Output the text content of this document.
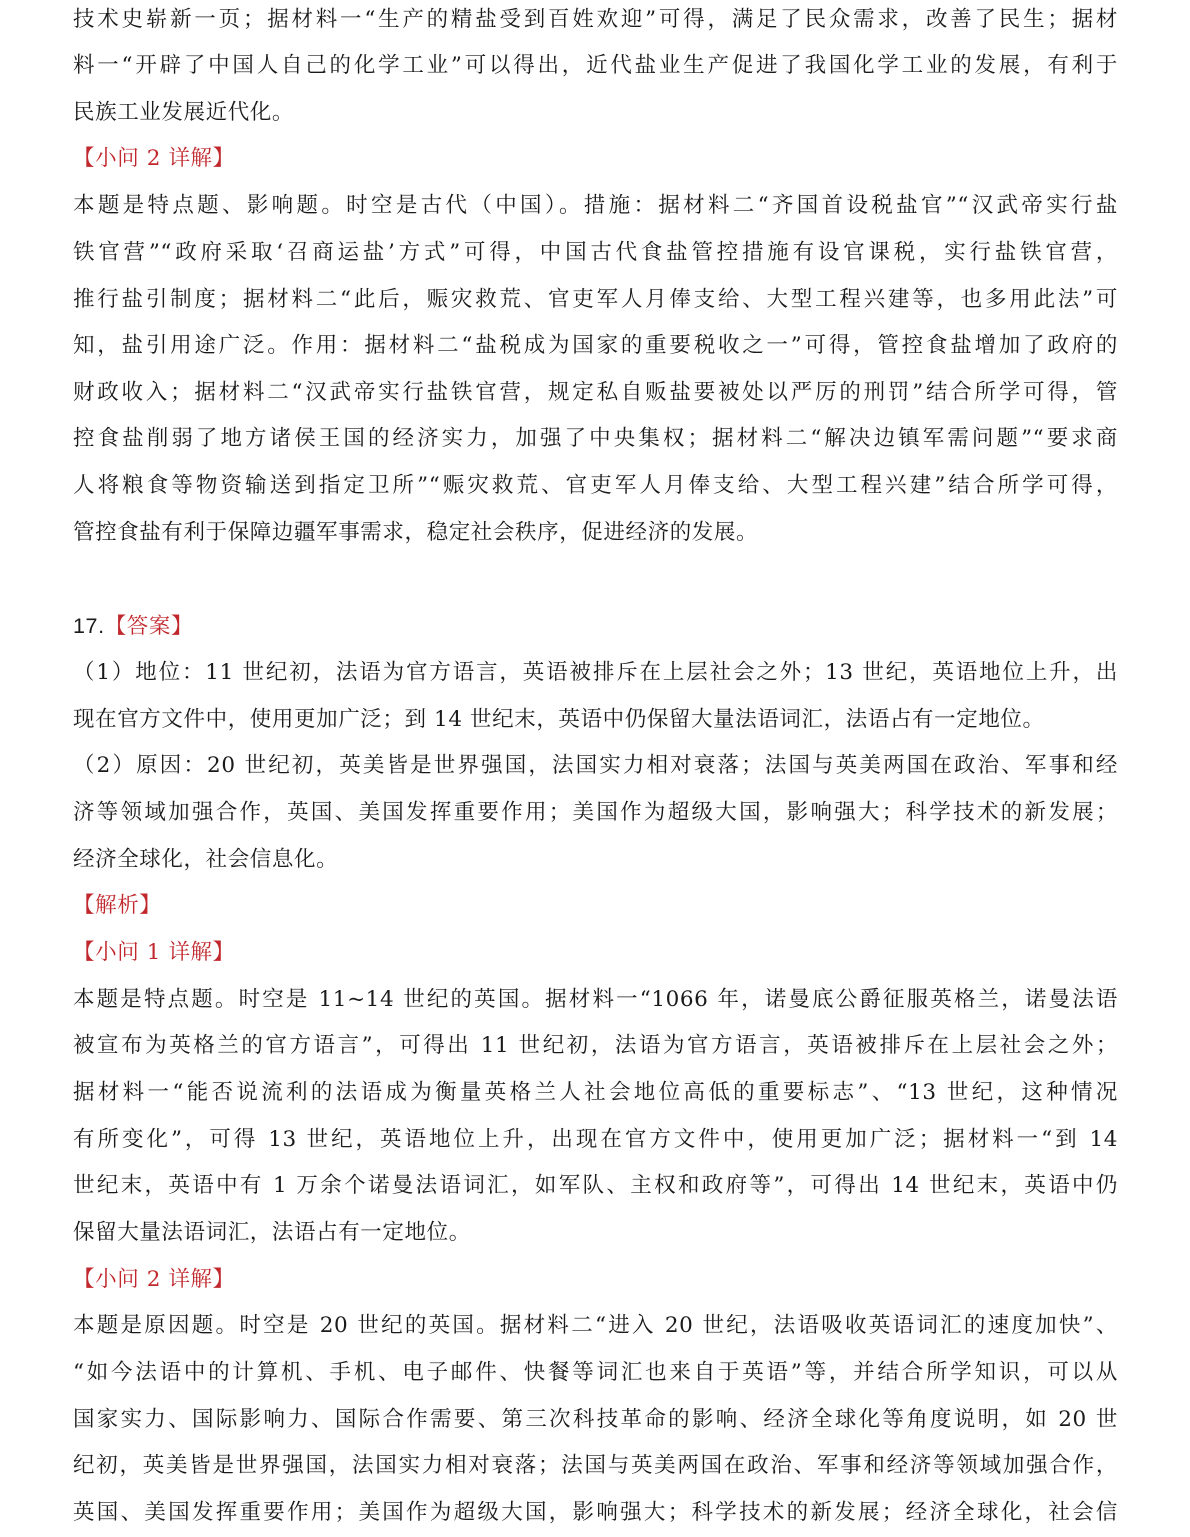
技术史崭新一页；据材料一“生产的精盐受到百姓欢迎”可得，满足了民众需求，改善了民生；据材
料一“开辟了中国人自己的化学工业”可以得出，近代盐业生产促进了我国化学工业的发展，有利于
民族工业发展近代化。
【小问 2 详解】
本题是特点题、影响题。时空是古代（中国）。措施：据材料二“齐国首设税盐官”“汉武帝实行盐
铁官营”“政府采取‘召商运盐’方式”可得，中国古代食盐管控措施有设官课税，实行盐铁官营，
推行盐引制度；据材料二“此后，赈灾救荒、官吏军人月俸支给、大型工程兴建等，也多用此法”可
知，盐引用途广泛。作用：据材料二“盐税成为国家的重要税收之一”可得，管控食盐增加了政府的
财政收入；据材料二“汉武帝实行盐铁官营，规定私自贩盐要被处以严厉的刑罚”结合所学可得，管
控食盐削弱了地方诸侯王国的经济实力，加强了中央集权；据材料二“解决边镇军需问题”“要求商
人将粮食等物资输送到指定卫所”“赈灾救荒、官吏军人月俸支给、大型工程兴建”结合所学可得，
管控食盐有利于保障边疆军事需求，稳定社会秩序，促进经济的发展。
17.【答案】
（1）地位：11 世纪初，法语为官方语言，英语被排斥在上层社会之外；13 世纪，英语地位上升，出
现在官方文件中，使用更加广泛；到 14 世纪末，英语中仍保留大量法语词汇，法语占有一定地位。
（2）原因：20 世纪初，英美皆是世界强国，法国实力相对衰落；法国与英美两国在政治、军事和经
济等领域加强合作，英国、美国发挥重要作用；美国作为超级大国，影响强大；科学技术的新发展；
经济全球化，社会信息化。
【解析】
【小问 1 详解】
本题是特点题。时空是 11~14 世纪的英国。据材料一“1066 年，诺曼底公爵征服英格兰，诺曼法语
被宣布为英格兰的官方语言”，可得出 11 世纪初，法语为官方语言，英语被排斥在上层社会之外；
据材料一“能否说流利的法语成为衡量英格兰人社会地位高低的重要标志”、“13 世纪，这种情况
有所变化”，可得 13 世纪，英语地位上升，出现在官方文件中，使用更加广泛；据材料一“到 14
世纪末，英语中有 1 万余个诺曼法语词汇，如军队、主权和政府等”，可得出 14 世纪末，英语中仍
保留大量法语词汇，法语占有一定地位。
【小问 2 详解】
本题是原因题。时空是 20 世纪的英国。据材料二“进入 20 世纪，法语吸收英语词汇的速度加快”、
“如今法语中的计算机、手机、电子邮件、快餐等词汇也来自于英语”等，并结合所学知识，可以从
国家实力、国际影响力、国际合作需要、第三次科技革命的影响、经济全球化等角度说明，如 20 世
纪初，英美皆是世界强国，法国实力相对衰落；法国与英美两国在政治、军事和经济等领域加强合作，
英国、美国发挥重要作用；美国作为超级大国，影响强大；科学技术的新发展；经济全球化，社会信
